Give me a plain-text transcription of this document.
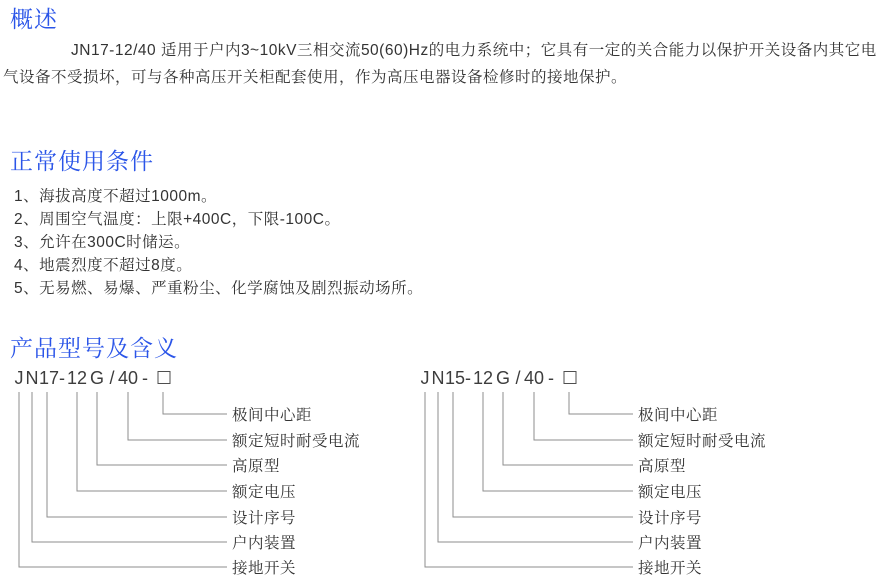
概述

JN17-12/40 适用于户内3~10kV三相交流50(60)Hz的电力系统中；它具有一定的关合能力以保护开关设备内其它电气设备不受损坏，可与各种高压开关柜配套使用，作为高压电器设备检修时的接地保护。

正常使用条件
1、海拔高度不超过1000m。
2、周围空气温度：上限+400C，下限-100C。
3、允许在300C时储运。
4、地震烈度不超过8度。
5、无易燃、易爆、严重粉尘、化学腐蚀及剧烈振动场所。
产品型号及含义
J N 17 - 12 G / 40 -
极间中心距
额定短时耐受电流
高原型
额定电压
设计序号
户内装置
接地开关
J N 15 - 12 G / 40 -
极间中心距
额定短时耐受电流
高原型
额定电压
设计序号
户内装置
接地开关
